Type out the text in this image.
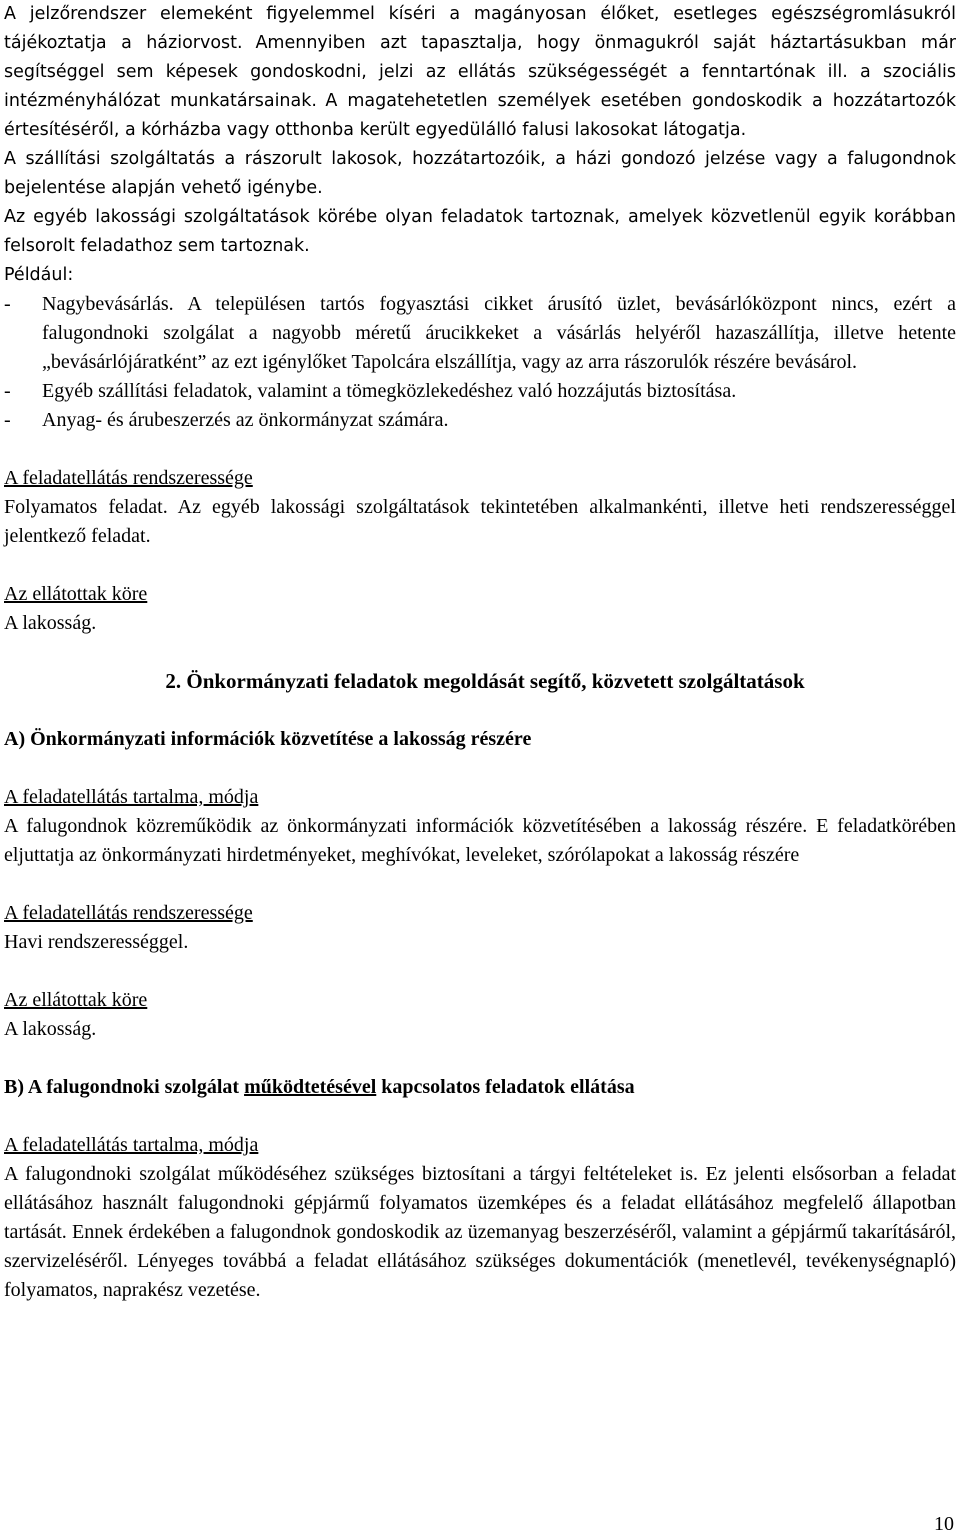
A jelzőrendszer elemeként figyelemmel kíséri a magányosan élőket, esetleges egészségromlásukról tájékoztatja a háziorvost. Amennyiben azt tapasztalja, hogy önmagukról saját háztartásukban már segítséggel sem képesek gondoskodni, jelzi az ellátás szükségességét a fenntartónak ill. a szociális intézményhálózat munkatársainak. A magatehetetlen személyek esetében gondoskodik a hozzátartozók értesítéséről, a kórházba vagy otthonba került egyedülálló falusi lakosokat látogatja.

A szállítási szolgáltatás a rászorult lakosok, hozzátartozóik, a házi gondozó jelzése vagy a falugondnok bejelentése alapján vehető igénybe.

Az egyéb lakossági szolgáltatások körébe olyan feladatok tartoznak, amelyek közvetlenül egyik korábban felsorolt feladathoz sem tartoznak.

Például:

-	Nagybevásárlás. A településen tartós fogyasztási cikket árusító üzlet, bevásárlóközpont nincs, ezért a falugondnoki szolgálat a nagyobb méretű árucikkeket a vásárlás helyéről hazaszállítja, illetve hetente „bevásárlójáratként” az ezt igénylőket Tapolcára elszállítja, vagy az arra rászorulók részére bevásárol.
-	Egyéb szállítási feladatok, valamint a tömegközlekedéshez való hozzájutás biztosítása.
-	Anyag- és árubeszerzés az önkormányzat számára.

A feladatellátás rendszeressége

Folyamatos feladat. Az egyéb lakossági szolgáltatások tekintetében alkalmankénti, illetve heti rendszerességgel jelentkező feladat.

Az ellátottak köre

A lakosság.

2. Önkormányzati feladatok megoldását segítő, közvetett szolgáltatások

A) Önkormányzati információk közvetítése a lakosság részére

A feladatellátás tartalma, módja

A falugondnok közreműködik az önkormányzati információk közvetítésében a lakosság részére. E feladatkörében eljuttatja az önkormányzati hirdetményeket, meghívókat, leveleket, szórólapokat a lakosság részére

A feladatellátás rendszeressége

Havi rendszerességgel.

Az ellátottak köre

A lakosság.

B) A falugondnoki szolgálat működtetésével kapcsolatos feladatok ellátása

A feladatellátás tartalma, módja

A falugondnoki szolgálat működéséhez szükséges biztosítani a tárgyi feltételeket is. Ez jelenti elsősorban a feladat ellátásához használt falugondnoki gépjármű folyamatos üzemképes és a feladat ellátásához megfelelő állapotban tartását. Ennek érdekében a falugondnok gondoskodik az üzemanyag beszerzéséről, valamint a gépjármű takarításáról, szervizeléséről. Lényeges továbbá a feladat ellátásához szükséges dokumentációk (menetlevél, tevékenységnapló) folyamatos, naprakész vezetése.

10
